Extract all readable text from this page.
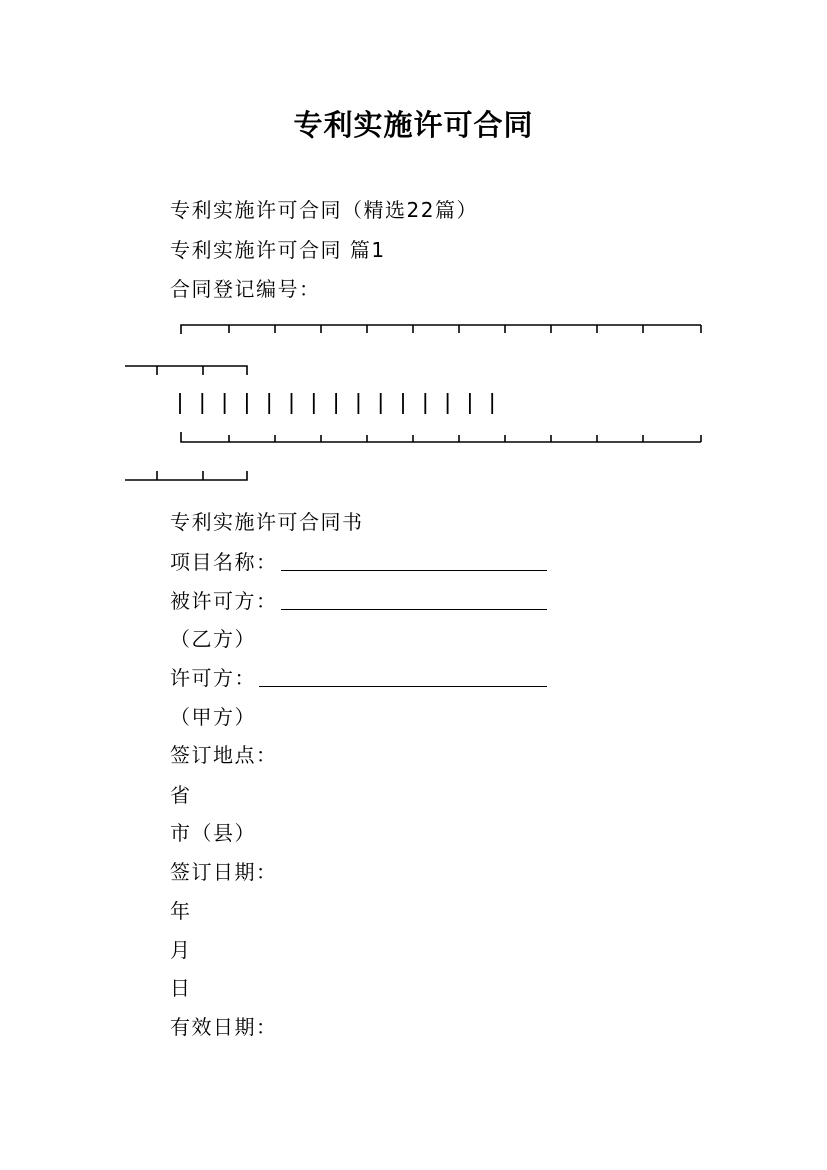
专利实施许可合同
专利实施许可合同（精选22篇）
专利实施许可合同 篇1
合同登记编号：
专利实施许可合同书
项目名称：
被许可方：
（乙方）
许可方：
（甲方）
签订地点：
省
市（县）
签订日期：
年
月
日
有效日期：
